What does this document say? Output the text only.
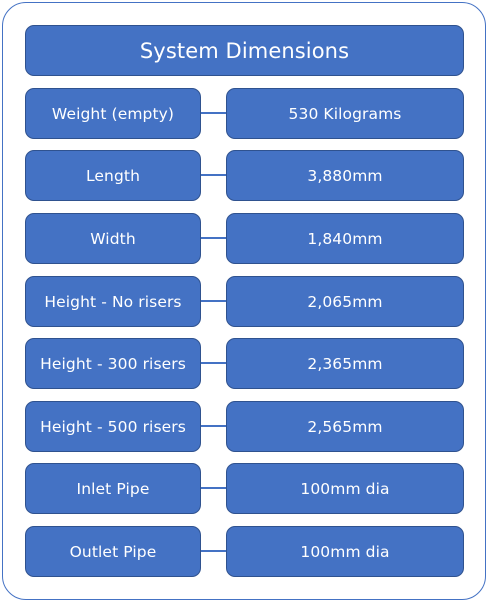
System Dimensions
Weight (empty)	530 Kilograms
Length	3,880mm
Width	1,840mm
Height - No risers	2,065mm
Height - 300 risers	2,365mm
Height - 500 risers	2,565mm
Inlet Pipe	100mm dia
Outlet Pipe	100mm dia
